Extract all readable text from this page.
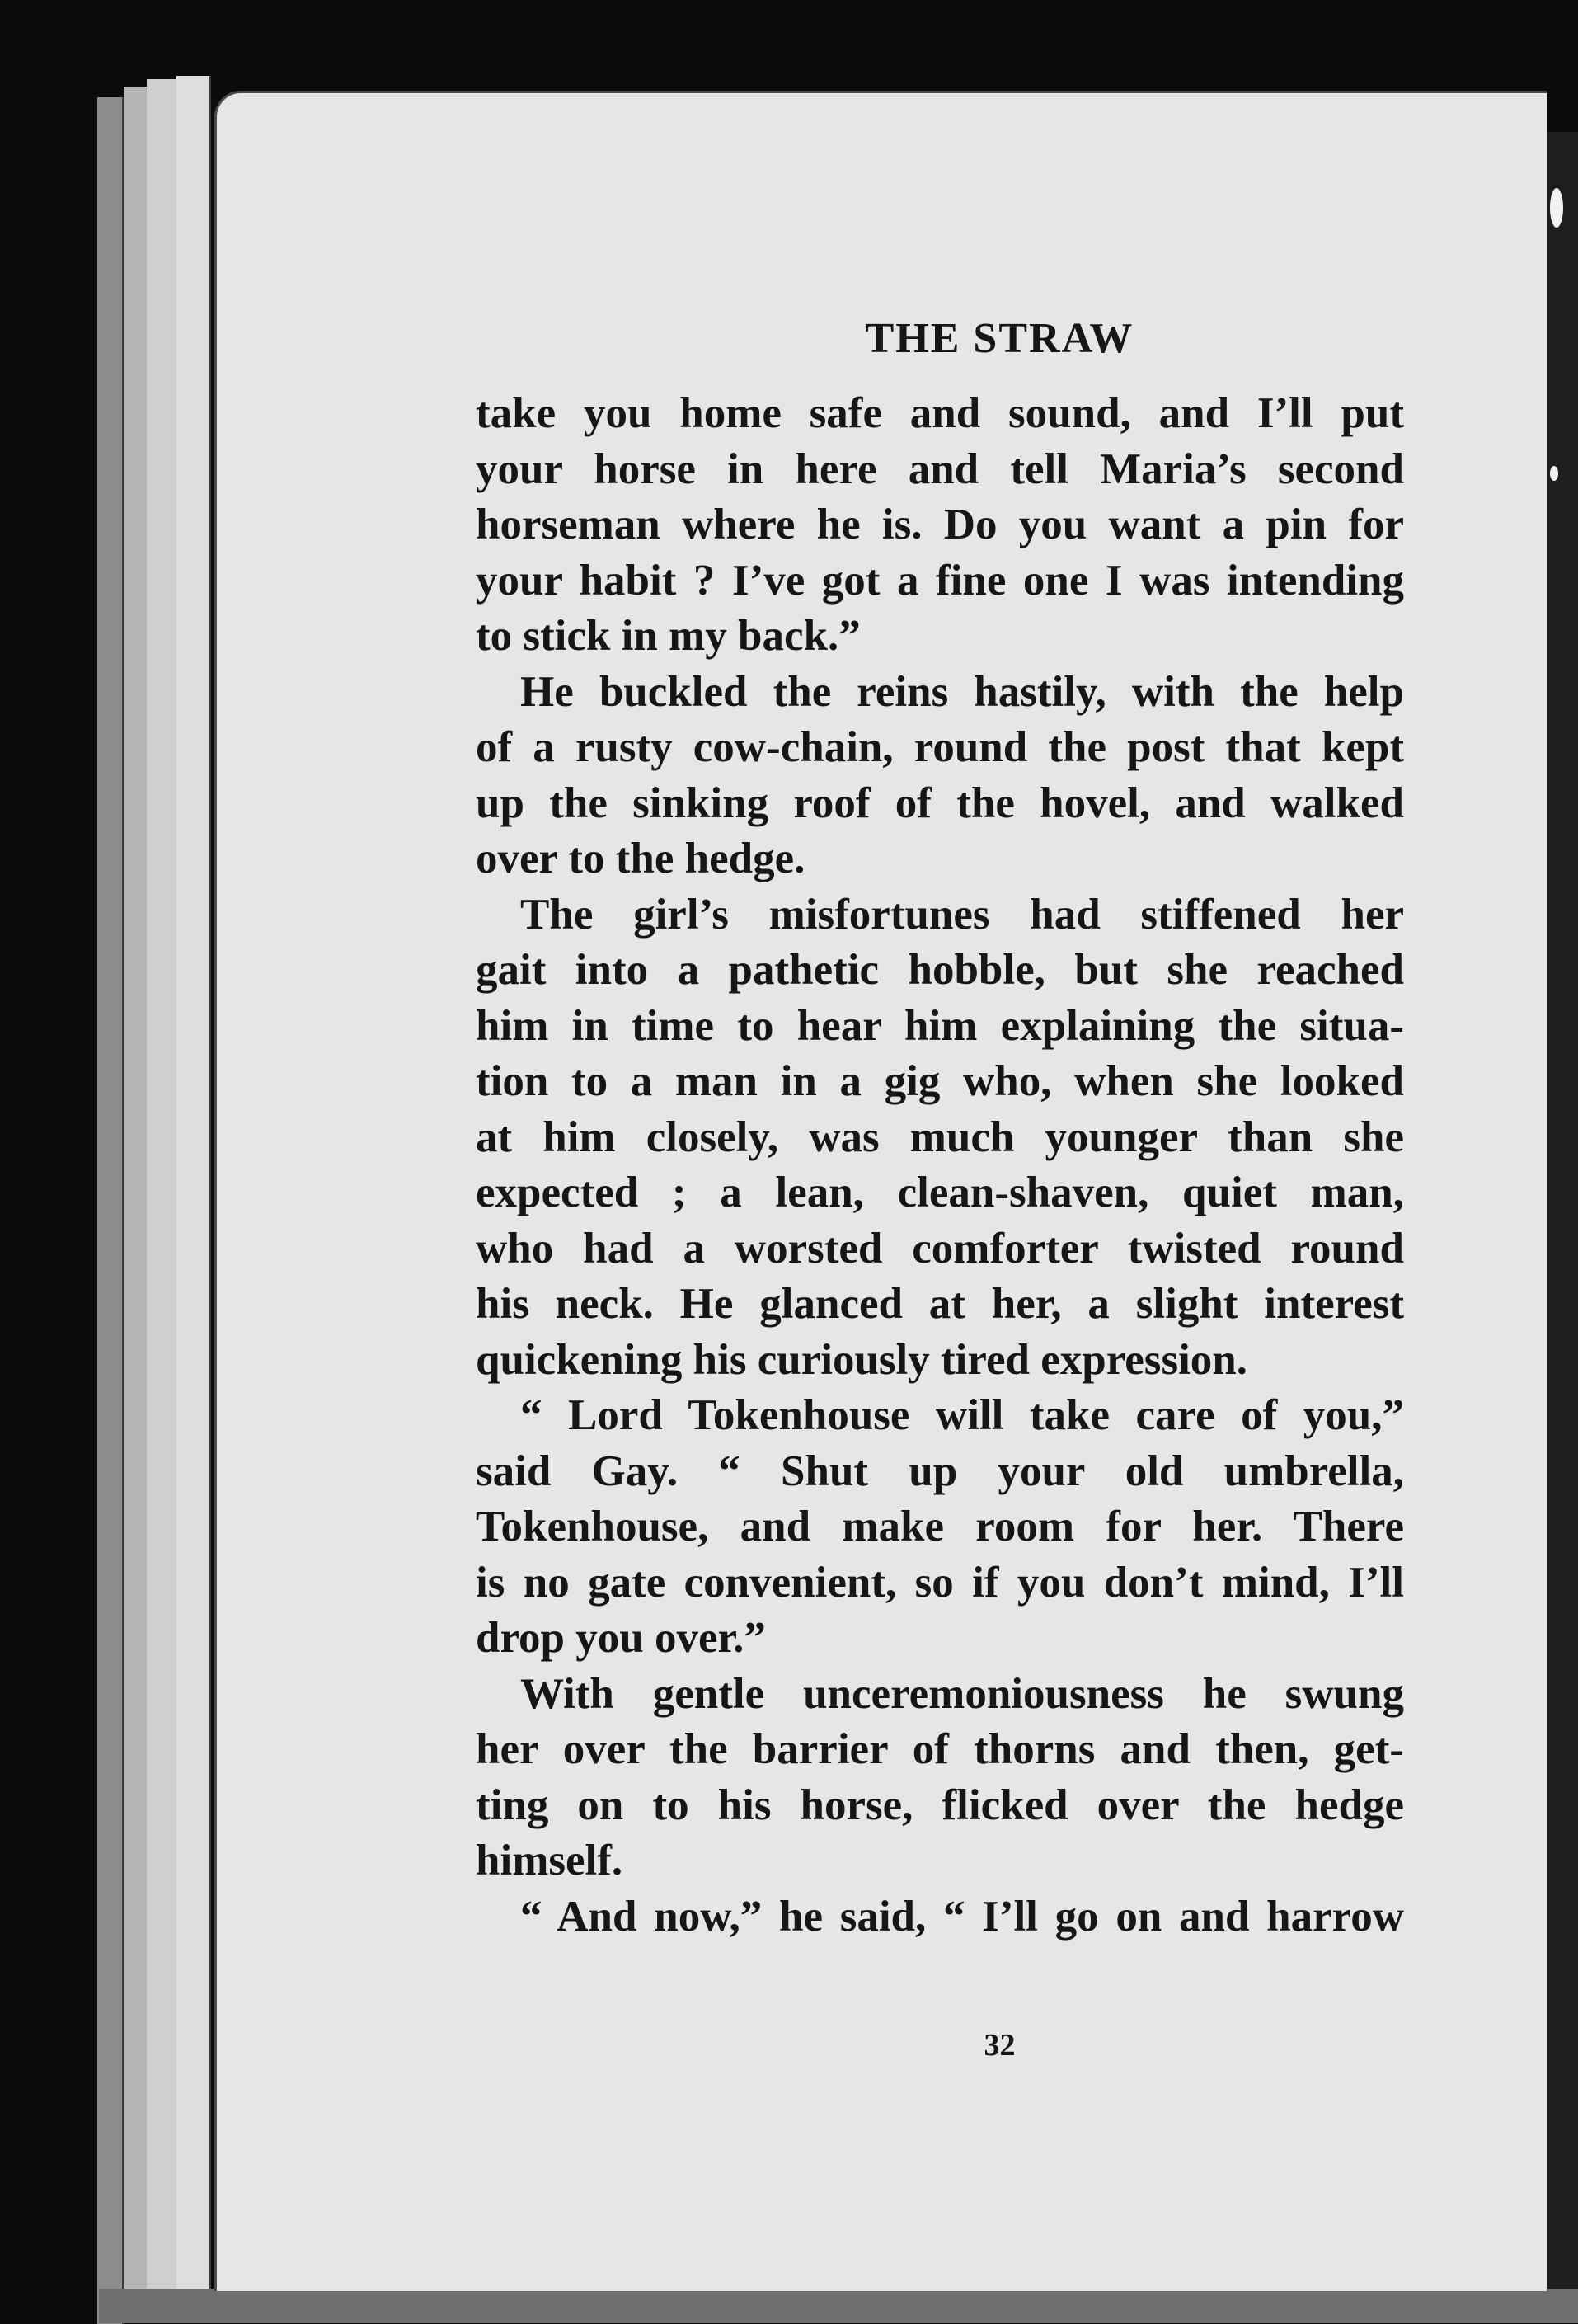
THE STRAW
take you home safe and sound, and I’ll put
your horse in here and tell Maria’s second
horseman where he is. Do you want a pin for
your habit ? I’ve got a fine one I was intending
to stick in my back.”
He buckled the reins hastily, with the help
of a rusty cow-chain, round the post that kept
up the sinking roof of the hovel, and walked
over to the hedge.
The girl’s misfortunes had stiffened her
gait into a pathetic hobble, but she reached
him in time to hear him explaining the situa-
tion to a man in a gig who, when she looked
at him closely, was much younger than she
expected ; a lean, clean-shaven, quiet man,
who had a worsted comforter twisted round
his neck. He glanced at her, a slight interest
quickening his curiously tired expression.
“ Lord Tokenhouse will take care of you,”
said Gay. “ Shut up your old umbrella,
Tokenhouse, and make room for her. There
is no gate convenient, so if you don’t mind, I’ll
drop you over.”
With gentle unceremoniousness he swung
her over the barrier of thorns and then, get-
ting on to his horse, flicked over the hedge
himself.
“ And now,” he said, “ I’ll go on and harrow
32
